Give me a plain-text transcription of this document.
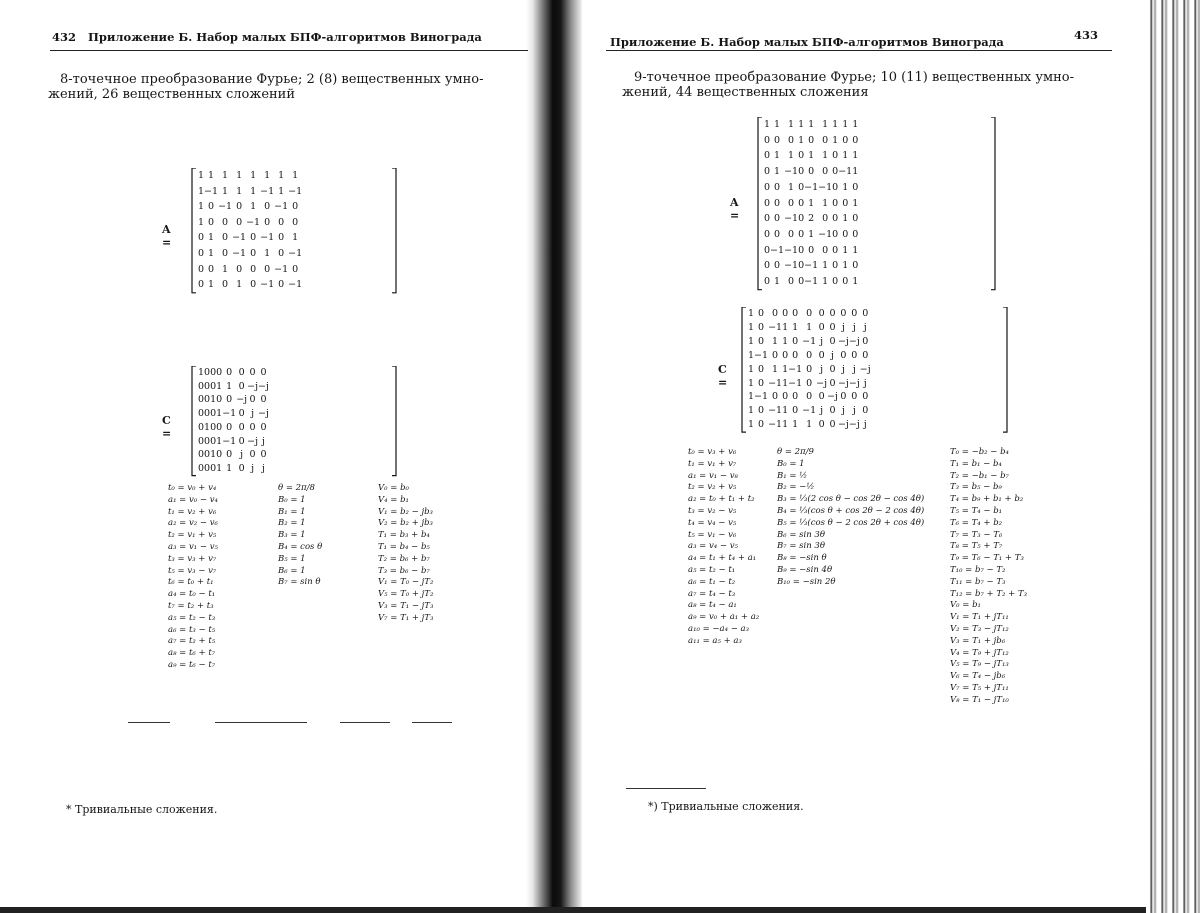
432 Приложение Б. Набор малых БПФ-алгоритмов Винограда
8-точечное преобразование Фурье; 2 (8) вещественных умно-
жений, 26 вещественных сложений
A =
1	1	1	1	1	1	1	1
1	−1	1	1	1	−1	1	−1
1	0	−1	0	1	0	−1	0
1	0	0	0	−1	0	0	0
0	1	0	−1	0	−1	0	1
0	1	0	−1	0	1	0	−1
0	0	1	0	0	0	−1	0
0	1	0	1	0	−1	0	−1
C =
1	0	0	0	0	0	0	0
0	0	0	1	1	0	−j	−j
0	0	1	0	0	−j	0	0
0	0	0	1	−1	0	j	−j
0	1	0	0	0	0	0	0
0	0	0	1	−1	0	−j	j
0	0	1	0	0	j	0	0
0	0	0	1	1	0	j	j
t₀ = v₀ + v₄
a₁ = v₀ − v₄
t₁ = v₂ + v₆
a₂ = v₂ − v₆
t₂ = v₁ + v₅
a₃ = v₁ − v₅
t₃ = v₃ + v₇
t₅ = v₃ − v₇
t₆ = t₀ + t₁
a₄ = t₀ − t₁
t₇ = t₂ + t₃
a₅ = t₂ − t₃
a₆ = t₃ − t₅
a₇ = t₂ + t₅
a₈ = t₆ + t₇
a₉ = t₆ − t₇
θ = 2π/8
B₀ = 1
B₁ = 1
B₂ = 1
B₃ = 1
B₄ = cos θ
B₅ = 1
B₆ = 1
B₇ = sin θ
V₀ = b₀
V₄ = b₁
V₁ = b₂ − jb₃
V₂ = b₂ + jb₃
T₁ = b₃ + b₄
T₁ = b₄ − b₅
T₂ = b₆ + b₇
T₃ = b₆ − b₇
V₁ = T₀ − jT₂
V₅ = T₀ + jT₂
V₃ = T₁ − jT₃
V₇ = T₁ + jT₃
* Тривиальные сложения.
Приложение Б. Набор малых БПФ-алгоритмов Винограда	433
9-точечное преобразование Фурье; 10 (11) вещественных умно-
жений, 44 вещественных сложения
A =
1	1	1	1	1	1	1	1	1
0	0	0	1	0	0	1	0	0
0	1	1	0	1	1	0	1	1
0	1	−1	0	0	0	0	−1	1
0	0	1	0	−1	−1	0	1	0
0	0	0	0	1	1	0	0	1
0	0	−1	0	2	0	0	1	0
0	0	0	0	1	−1	0	0	0
0	−1	−1	0	0	0	0	1	1
0	0	−1	0	−1	1	0	1	0
0	1	0	0	−1	1	0	0	1
C =
1	0	0	0	0	0	0	0	0	0	0
1	0	−1	1	1	1	0	0	j	j	j
1	0	1	1	0	−1	j	0	−j	−j	0
1	−1	0	0	0	0	0	j	0	0	0
1	0	1	1	−1	0	j	0	j	j	−j
1	0	−1	1	−1	0	−j	0	−j	−j	j
1	−1	0	0	0	0	0	−j	0	0	0
1	0	−1	1	0	−1	j	0	j	j	0
1	0	−1	1	1	1	0	0	−j	−j	j
t₀ = v₃ + v₆
t₁ = v₁ + v₇
a₁ = v₁ − v₈
t₂ = v₂ + v₅
a₂ = t₀ + t₁ + t₂
t₃ = v₂ − v₅
t₄ = v₄ − v₅
t₅ = v₁ − v₆
a₃ = v₄ − v₅
a₄ = t₁ + t₄ + a₁
a₅ = t₂ − t₁
a₆ = t₁ − t₂
a₇ = t₄ − t₃
a₈ = t₄ − a₁
a₉ = v₀ + a₁ + a₂
a₁₀ = −a₄ − a₃
a₁₁ = a₅ + a₃
θ = 2π/9
B₀ = 1
B₁ = ½
B₂ = −½
B₃ = ⅓(2 cos θ − cos 2θ − cos 4θ)
B₄ = ⅓(cos θ + cos 2θ − 2 cos 4θ)
B₅ = ⅓(cos θ − 2 cos 2θ + cos 4θ)
B₆ = sin 3θ
B₇ = sin 3θ
B₈ = −sin θ
B₉ = −sin 4θ
B₁₀ = −sin 2θ
T₀ = −b₂ − b₄
T₁ = b₁ − b₄
T₂ = −b₁ − b₇
T₃ = b₅ − b₉
T₄ = b₉ + b₁ + b₂
T₅ = T₄ − b₁
T₆ = T₄ + b₂
T₇ = T₃ − T₆
T₈ = T₅ + T₇
T₉ = T₆ − T₁ + T₃
T₁₀ = b₇ − T₂
T₁₁ = b₇ − T₃
T₁₂ = b₇ + T₂ + T₃
V₀ = b₁
V₁ = T₁ + jT₁₁
V₂ = T₃ − jT₁₂
V₃ = T₁ + jb₆
V₄ = T₉ + jT₁₂
V₅ = T₉ − jT₁₃
V₆ = T₄ − jb₆
V₇ = T₅ + jT₁₁
V₈ = T₁ − jT₁₀
*) Тривиальные сложения.
